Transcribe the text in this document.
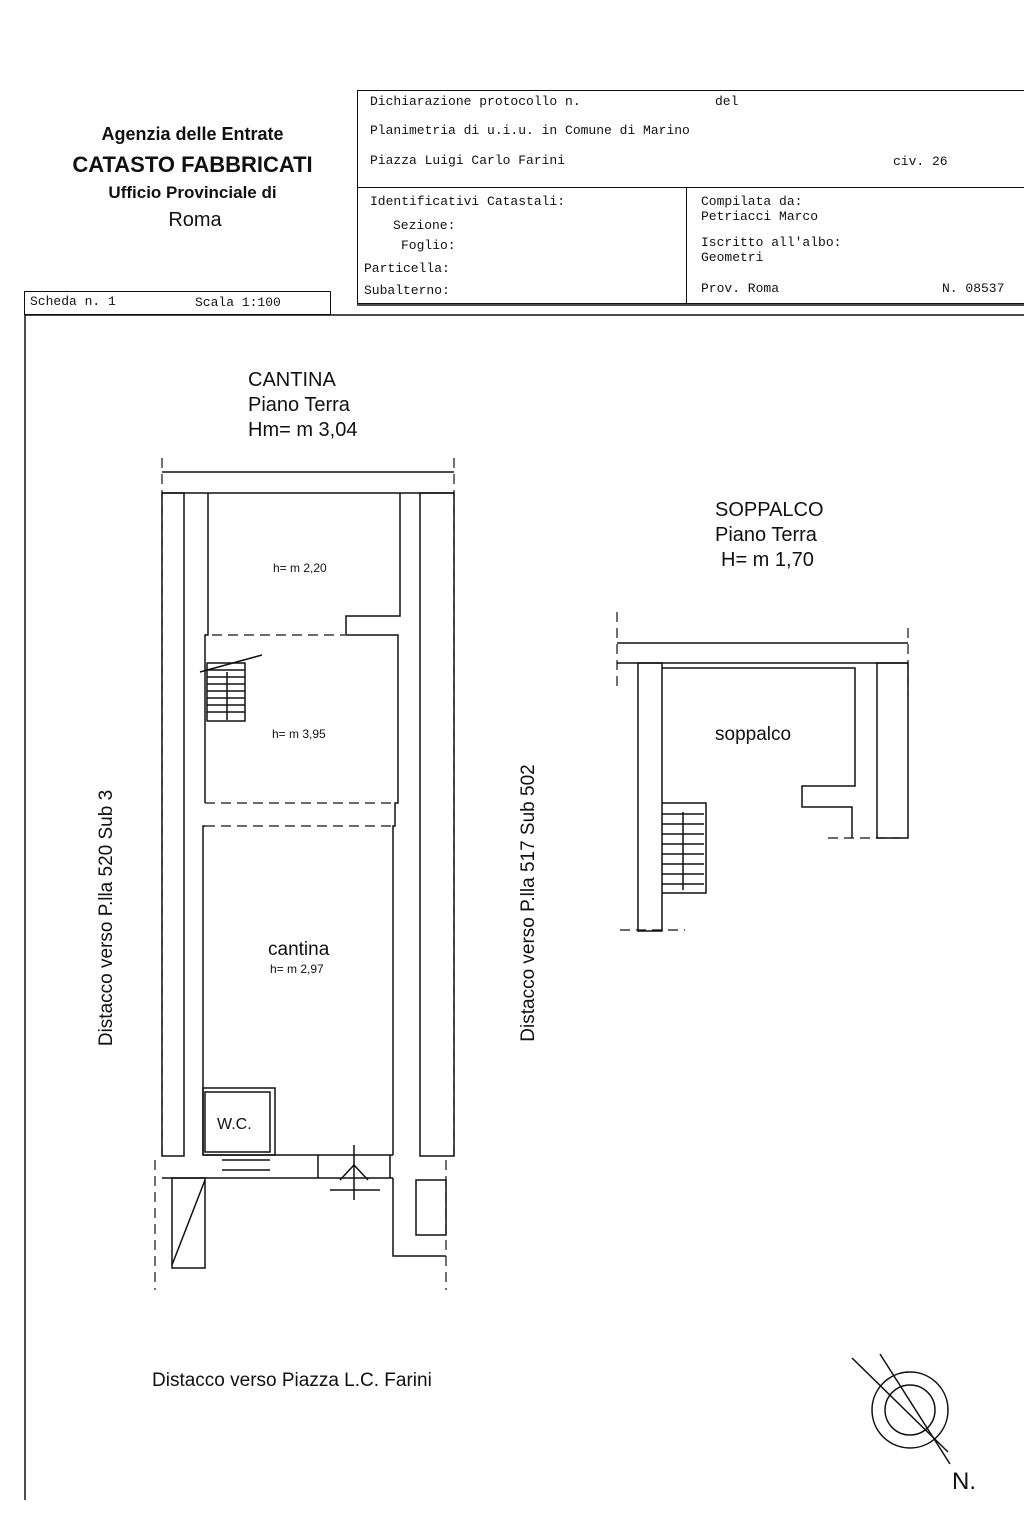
Agenzia delle Entrate
CATASTO FABBRICATI
Ufficio Provinciale di
Roma
Dichiarazione protocollo n.	del
Planimetria di u.i.u. in Comune di Marino
Piazza Luigi Carlo Farini	civ. 26
Identificativi Catastali:
Sezione:
Foglio:
Particella:
Subalterno:
Compilata da:
Petriacci Marco
Iscritto all'albo:
Geometri
Prov. Roma	N. 08537
Scheda n. 1	Scala 1:100
CANTINA
Piano Terra
Hm= m 3,04
h= m 2,20
h= m 3,95
cantina
h= m 2,97
W.C.
SOPPALCO
Piano Terra
H= m 1,70
soppalco
Distacco verso P.lla 520 Sub 3	Distacco verso P.lla 517 Sub 502
Distacco verso Piazza L.C. Farini
N.
